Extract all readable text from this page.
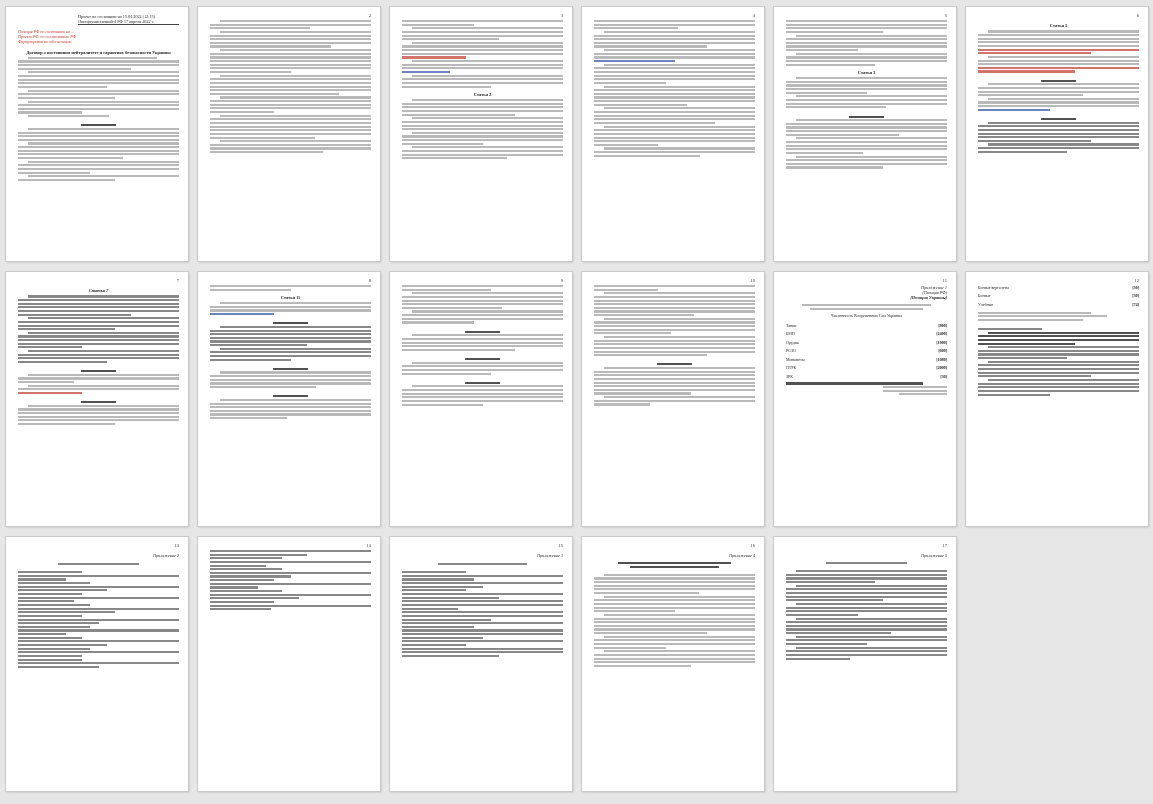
Проект по состоянию на 15.04.2022 (12:15)
Оппортунистичний-4 РФ 17 апреля 2022 г.
Позиция РФ по состоянию на ...
Проект РФ, по согласованию РФ
Формулировки по обеспечению
Договор о постоянном нейтралитете и гарантиях безопасности Украины
2	3
Статья 2
4	5
Статья 3
6
Статья 5
7
Статья 7
8
Статья 11
9	10	11
Приложение 1
(Позиция РФ)
[Позиция Украины]
Численность Вооруженных Сил Украины
Танки	[800]
БМП	[2400]
Орудия	[1900]
РСЗО	[600]
Минометы	[1080]
ПТРК	[2000]
ЗРК	[30]
12
Боевые вертолеты	[50]
Боевые	[30]
Учебные	[74]
13
Приложение 2
14	15
Приложение 3
16
Приложение 4
17
Приложение 5
